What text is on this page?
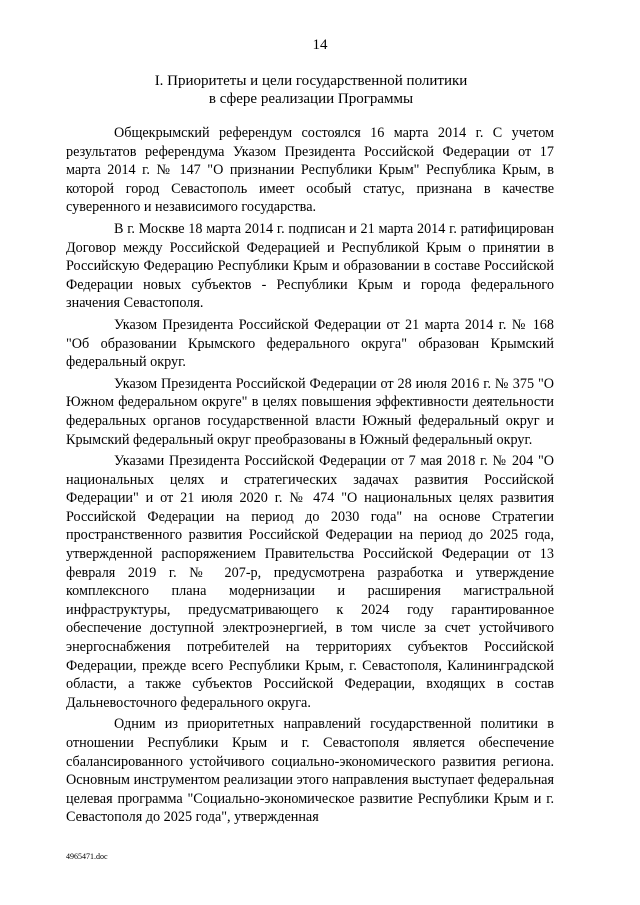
14
I. Приоритеты и цели государственной политики
в сфере реализации Программы

Общекрымский референдум состоялся 16 марта 2014 г. С учетом результатов референдума Указом Президента Российской Федерации от 17 марта 2014 г. № 147 "О признании Республики Крым" Республика Крым, в которой город Севастополь имеет особый статус, признана в качестве суверенного и независимого государства.

В г. Москве 18 марта 2014 г. подписан и 21 марта 2014 г. ратифицирован Договор между Российской Федерацией и Республикой Крым о принятии в Российскую Федерацию Республики Крым и образовании в составе Российской Федерации новых субъектов - Республики Крым и города федерального значения Севастополя.

Указом Президента Российской Федерации от 21 марта 2014 г. № 168 "Об образовании Крымского федерального округа" образован Крымский федеральный округ.

Указом Президента Российской Федерации от 28 июля 2016 г. № 375 "О Южном федеральном округе" в целях повышения эффективности деятельности федеральных органов государственной власти Южный федеральный округ и Крымский федеральный округ преобразованы в Южный федеральный округ.

Указами Президента Российской Федерации от 7 мая 2018 г. № 204 "О национальных целях и стратегических задачах развития Российской Федерации" и от 21 июля 2020 г. № 474 "О национальных целях развития Российской Федерации на период до 2030 года" на основе Стратегии пространственного развития Российской Федерации на период до 2025 года, утвержденной распоряжением Правительства Российской Федерации от 13 февраля 2019 г. № 207-р, предусмотрена разработка и утверждение комплексного плана модернизации и расширения магистральной инфраструктуры, предусматривающего к 2024 году гарантированное обеспечение доступной электроэнергией, в том числе за счет устойчивого энергоснабжения потребителей на территориях субъектов Российской Федерации, прежде всего Республики Крым, г. Севастополя, Калининградской области, а также субъектов Российской Федерации, входящих в состав Дальневосточного федерального округа.

Одним из приоритетных направлений государственной политики в отношении Республики Крым и г. Севастополя является обеспечение сбалансированного устойчивого социально-экономического развития региона. Основным инструментом реализации этого направления выступает федеральная целевая программа "Социально-экономическое развитие Республики Крым и г. Севастополя до 2025 года", утвержденная

4965471.doc
